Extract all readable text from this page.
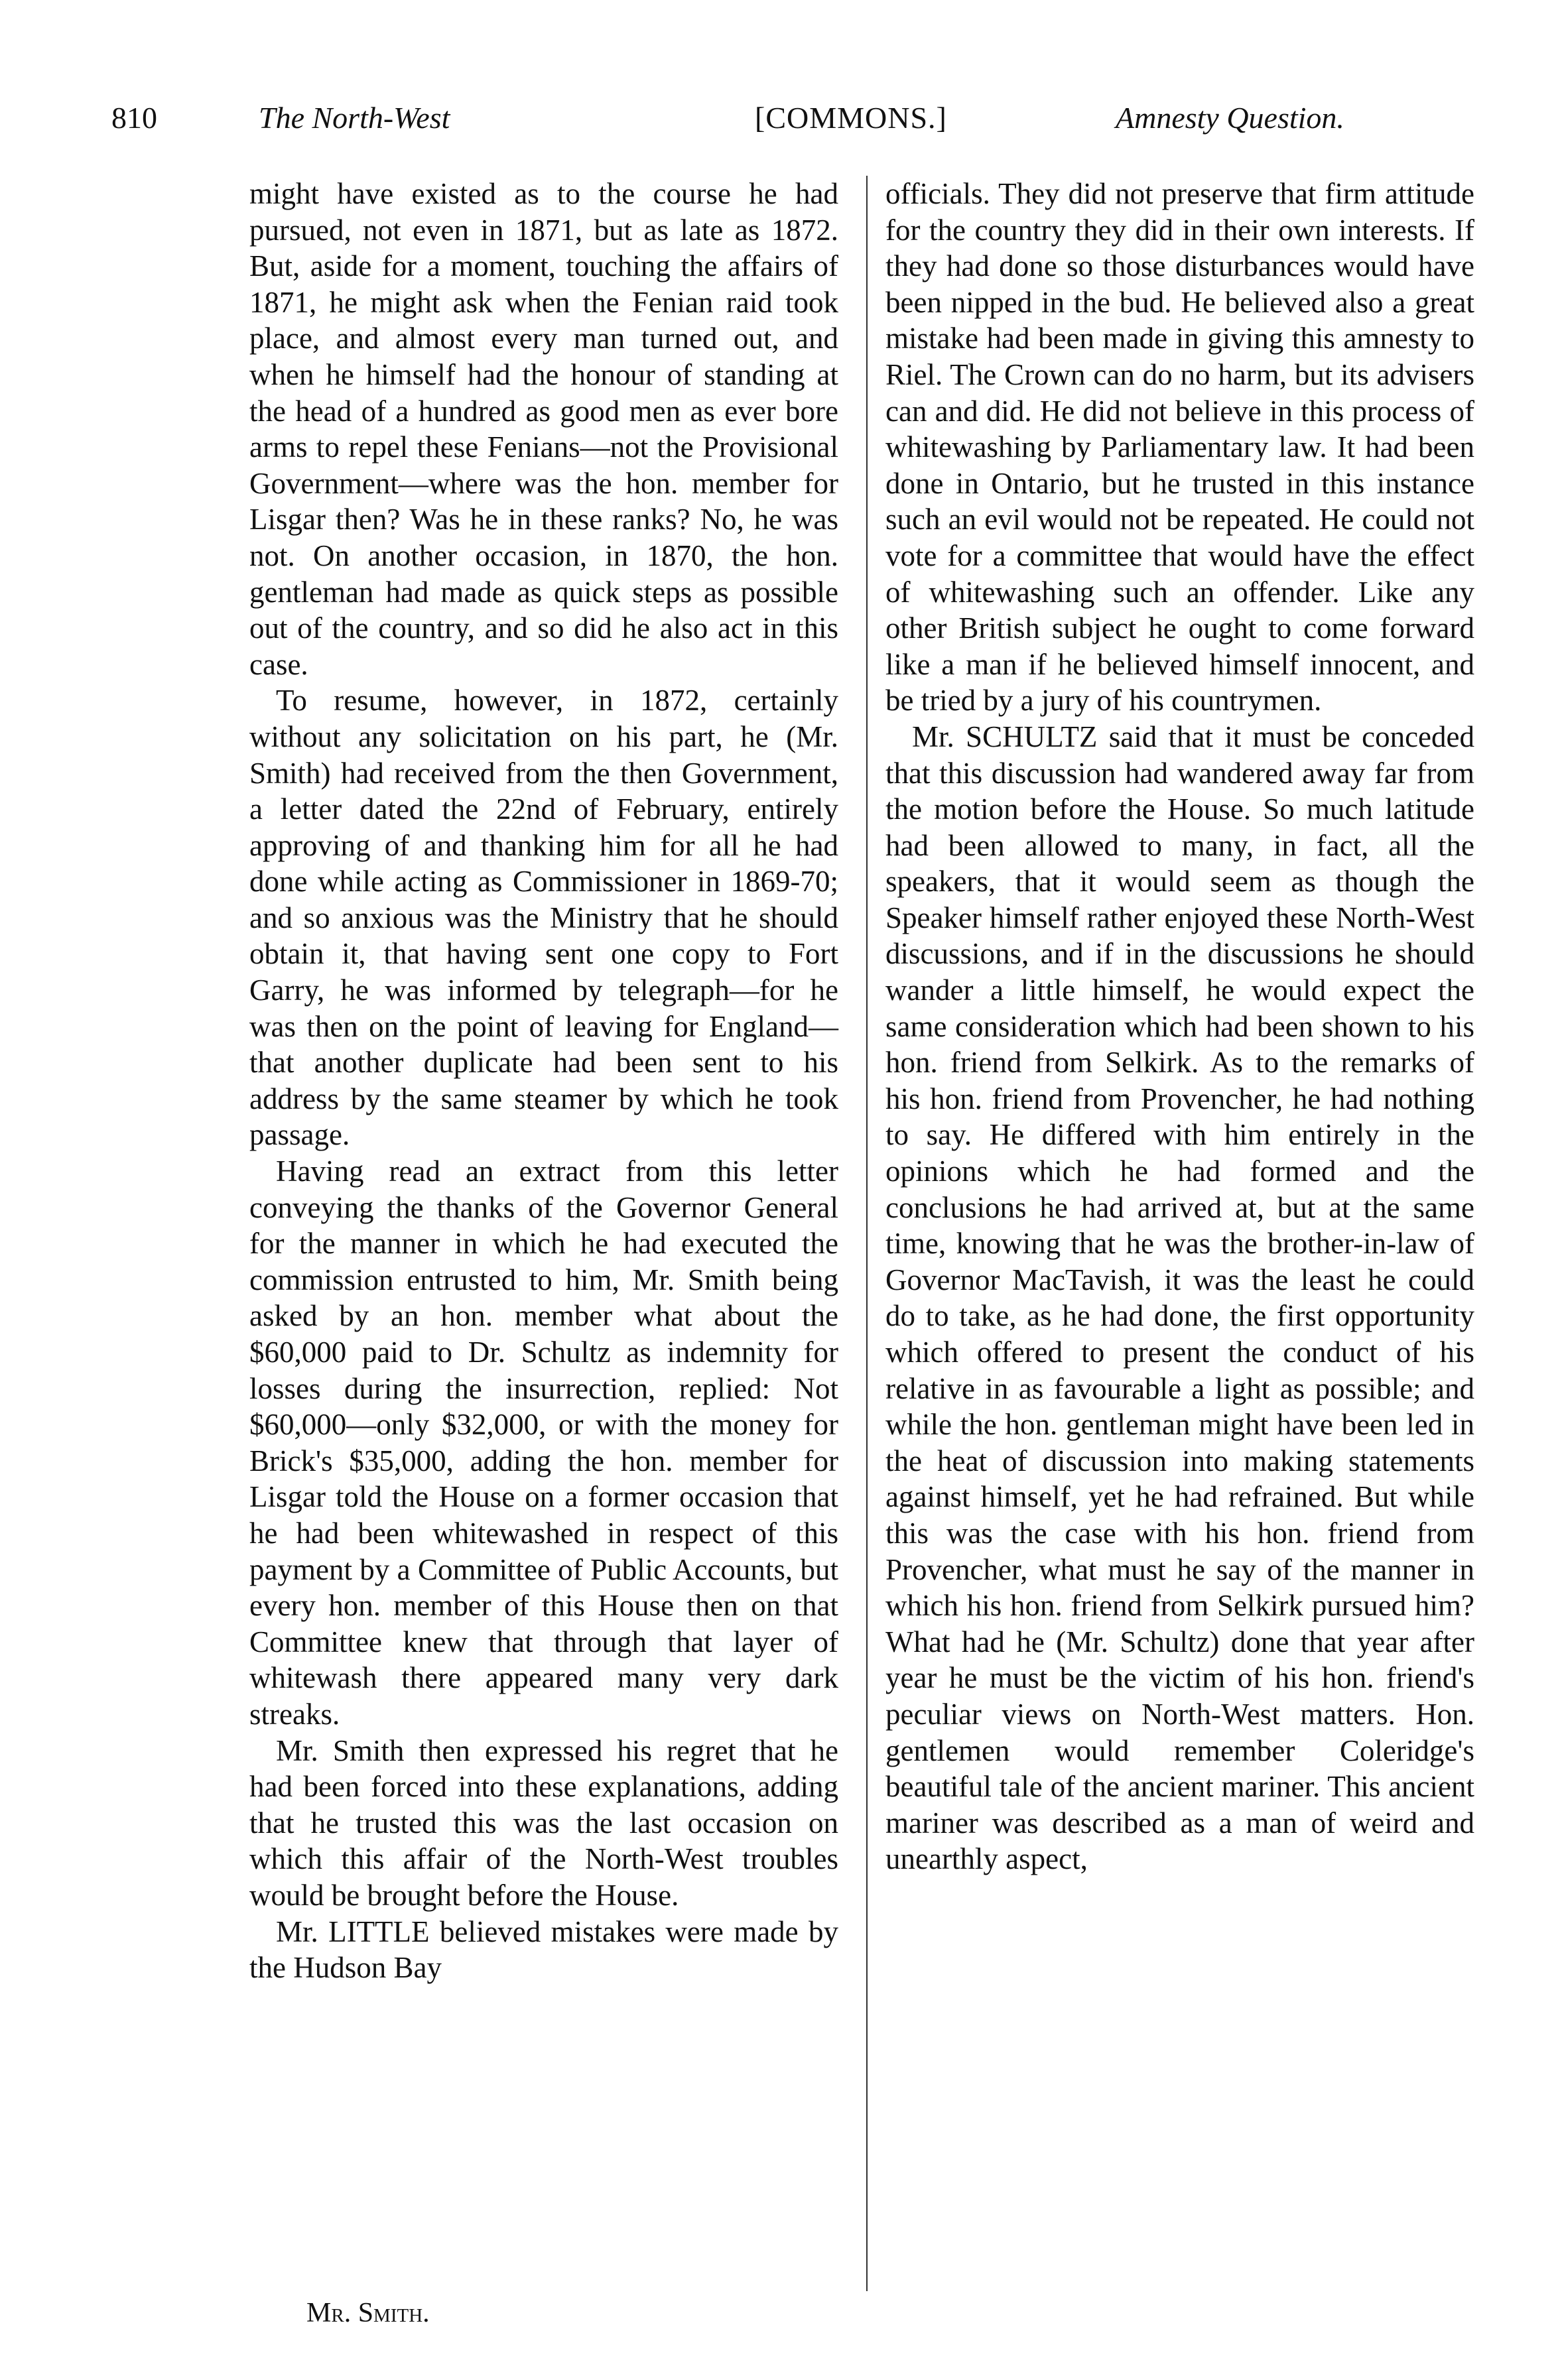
810	The North-West	[COMMONS.]	Amnesty Question.

might have existed as to the course he had pursued, not even in 1871, but as late as 1872. But, aside for a moment, touching the affairs of 1871, he might ask when the Fenian raid took place, and almost every man turned out, and when he himself had the honour of standing at the head of a hundred as good men as ever bore arms to repel these Fenians—not the Provisional Government—where was the hon. member for Lisgar then? Was he in these ranks? No, he was not. On another occasion, in 1870, the hon. gentleman had made as quick steps as possible out of the country, and so did he also act in this case.

To resume, however, in 1872, certainly without any solicitation on his part, he (Mr. Smith) had received from the then Government, a letter dated the 22nd of February, entirely approving of and thanking him for all he had done while acting as Commissioner in 1869-70; and so anxious was the Ministry that he should obtain it, that having sent one copy to Fort Garry, he was informed by telegraph—for he was then on the point of leaving for England—that another duplicate had been sent to his address by the same steamer by which he took passage.

Having read an extract from this letter conveying the thanks of the Governor General for the manner in which he had executed the commission entrusted to him, Mr. Smith being asked by an hon. member what about the $60,000 paid to Dr. Schultz as indemnity for losses during the insurrection, replied: Not $60,000—only $32,000, or with the money for Brick's $35,000, adding the hon. member for Lisgar told the House on a former occasion that he had been whitewashed in respect of this payment by a Committee of Public Accounts, but every hon. member of this House then on that Committee knew that through that layer of whitewash there appeared many very dark streaks.

Mr. Smith then expressed his regret that he had been forced into these explanations, adding that he trusted this was the last occasion on which this affair of the North-West troubles would be brought before the House.

Mr. LITTLE believed mistakes were made by the Hudson Bay

officials. They did not preserve that firm attitude for the country they did in their own interests. If they had done so those disturbances would have been nipped in the bud. He believed also a great mistake had been made in giving this amnesty to Riel. The Crown can do no harm, but its advisers can and did. He did not believe in this process of whitewashing by Parliamentary law. It had been done in Ontario, but he trusted in this instance such an evil would not be repeated. He could not vote for a committee that would have the effect of whitewashing such an offender. Like any other British subject he ought to come forward like a man if he believed himself innocent, and be tried by a jury of his countrymen.

Mr. SCHULTZ said that it must be conceded that this discussion had wandered away far from the motion before the House. So much latitude had been allowed to many, in fact, all the speakers, that it would seem as though the Speaker himself rather enjoyed these North-West discussions, and if in the discussions he should wander a little himself, he would expect the same consideration which had been shown to his hon. friend from Selkirk. As to the remarks of his hon. friend from Provencher, he had nothing to say. He differed with him entirely in the opinions which he had formed and the conclusions he had arrived at, but at the same time, knowing that he was the brother-in-law of Governor MacTavish, it was the least he could do to take, as he had done, the first opportunity which offered to present the conduct of his relative in as favourable a light as possible; and while the hon. gentleman might have been led in the heat of discussion into making statements against himself, yet he had refrained. But while this was the case with his hon. friend from Provencher, what must he say of the manner in which his hon. friend from Selkirk pursued him? What had he (Mr. Schultz) done that year after year he must be the victim of his hon. friend's peculiar views on North-West matters. Hon. gentlemen would remember Coleridge's beautiful tale of the ancient mariner. This ancient mariner was described as a man of weird and unearthly aspect,

Mr. Smith.
